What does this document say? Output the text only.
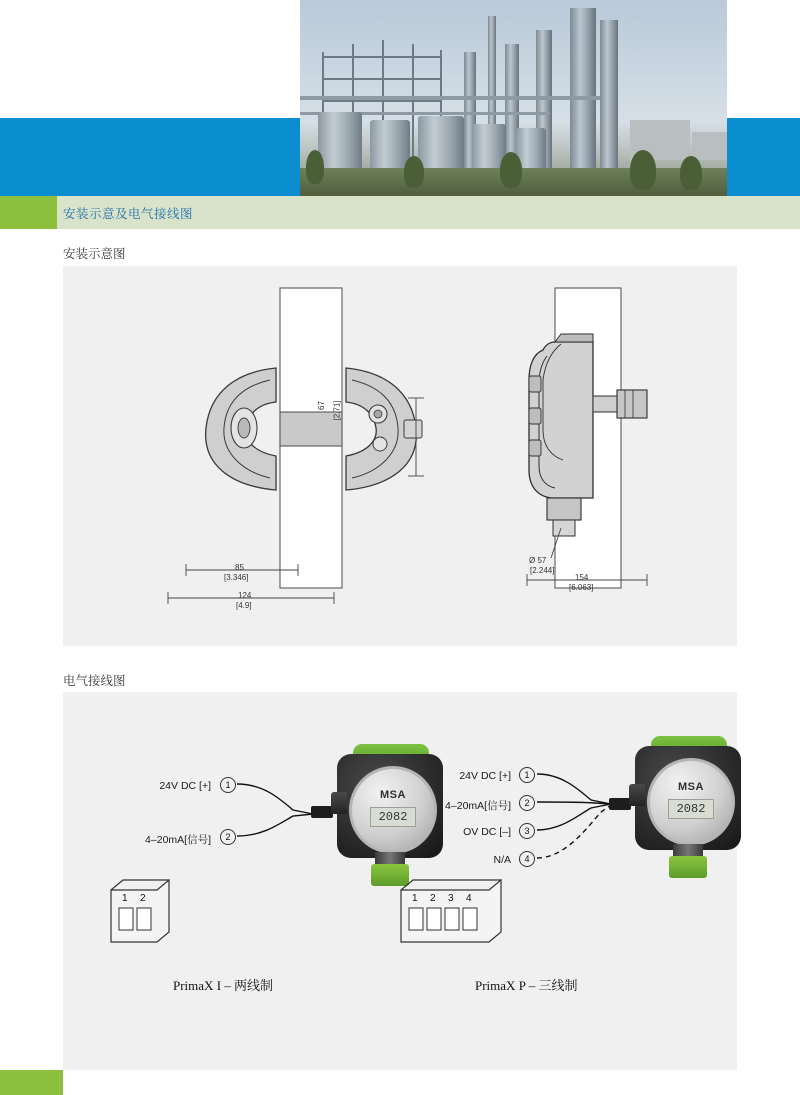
安装示意及电气接线图
安装示意图
67 [2.71]
85
[3.346]
124
[4.9]
Ø 57
[2.244]
154
[6.063]
电气接线图
24V DC [+]
4–20mA[信号]
1
2
MSA
2082
1 2
PrimaX I – 两线制
24V DC [+]
4–20mA[信号]
OV DC [–]
N/A
1
2
3
4
MSA
2082
1 2 3 4
PrimaX P – 三线制
